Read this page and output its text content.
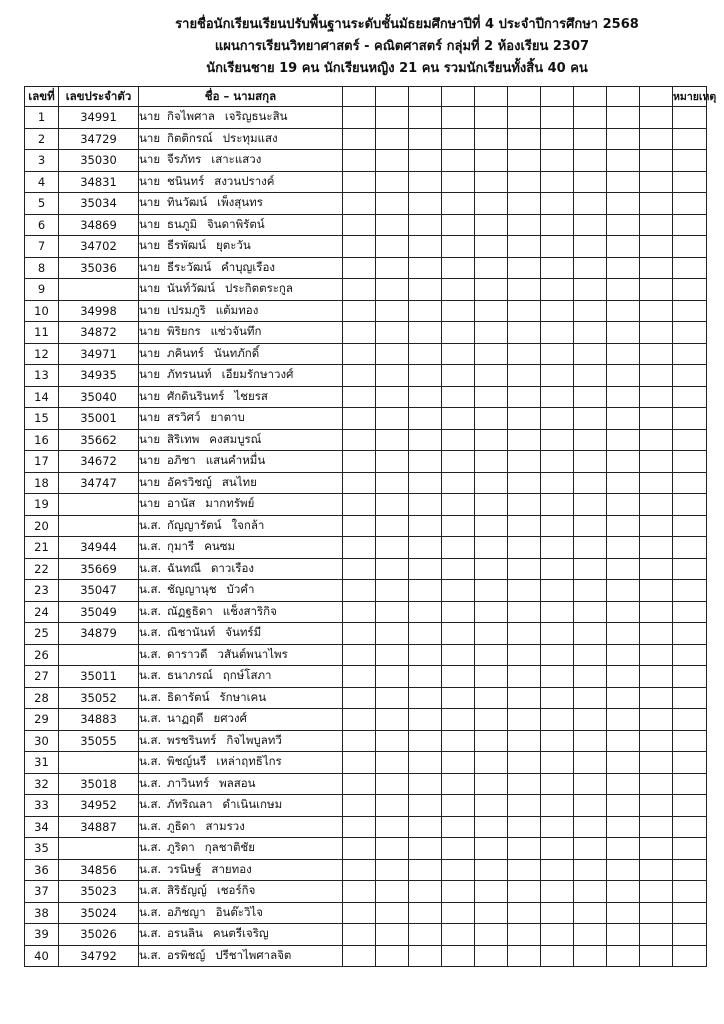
รายชื่อนักเรียนเรียนปรับพื้นฐานระดับชั้นมัธยมศึกษาปีที่ 4 ประจำปีการศึกษา 2568
แผนการเรียนวิทยาศาสตร์ - คณิตศาสตร์ กลุ่มที่ 2 ห้องเรียน 2307
นักเรียนชาย 19 คน นักเรียนหญิง 21 คน รวมนักเรียนทั้งสิ้น 40 คน
เลขที่	เลขประจำตัว	ชื่อ – นามสกุล											หมายเหตุ
1	34991	นาย กิจไพศาล เจริญธนะสิน											
2	34729	นาย กิตติกรณ์ ประทุมแสง											
3	35030	นาย จีรภัทร เสาะแสวง											
4	34831	นาย ชนินทร์ สงวนปรางค์											
5	35034	นาย ทินวัฒน์ เพ็งสุนทร											
6	34869	นาย ธนภูมิ จินดาพิรัตน์											
7	34702	นาย ธีรพัฒน์ ยุตะวัน											
8	35036	นาย ธีระวัฒน์ คำบุญเรือง											
9		นาย นันท์วัฒน์ ประกิตตระกูล											
10	34998	นาย เปรมภูริ แต้มทอง											
11	34872	นาย พิริยกร แซ่วจันทึก											
12	34971	นาย ภคินทร์ นันทภักดิ์											
13	34935	นาย ภัทรนนท์ เอียมรักษาวงศ์											
14	35040	นาย ศักดินรินทร์ ไชยรส											
15	35001	นาย สรวิศว์ ยาตาบ											
16	35662	นาย สิริเทพ คงสมบูรณ์											
17	34672	นาย อภิชา แสนคำหมื่น											
18	34747	นาย อัครวิชญ์ สนไทย											
19		นาย อานัส มากทรัพย์											
20		น.ส. กัญญารัตน์ ใจกล้า											
21	34944	น.ส. กุมารี คนซม											
22	35669	น.ส. ฉันทณี ดาวเรือง											
23	35047	น.ส. ชัญญานุช บัวคำ											
24	35049	น.ส. ณัฏฐธิดา แช็งสาริกิจ											
25	34879	น.ส. ณิชานันท์ จันทร์มี											
26		น.ส. ดาราวดี วสันต์พนาไพร											
27	35011	น.ส. ธนาภรณ์ ฤกษ์โสภา											
28	35052	น.ส. ธิดารัตน์ รักษาเคน											
29	34883	น.ส. นาฏฤดี ยศวงศ์											
30	35055	น.ส. พรชรินทร์ กิจไพบูลทวี											
31		น.ส. พิชญ์นรี เหล่าฤทธิไกร											
32	35018	น.ส. ภาวินทร์ พลสอน											
33	34952	น.ส. ภัทริณลา ดำเนินเกษม											
34	34887	น.ส. ภูธิดา สามรวง											
35		น.ส. ภูริดา กุลชาติชัย											
36	34856	น.ส. วรนิษฐ์ สายทอง											
37	35023	น.ส. สิริธัญญ์ เชอร์กิจ											
38	35024	น.ส. อภิชญา อินต๊ะวิไจ											
39	35026	น.ส. อรนลิน คนตรีเจริญ											
40	34792	น.ส. อรพิชญ์ ปรีชาไพศาลจิต											
